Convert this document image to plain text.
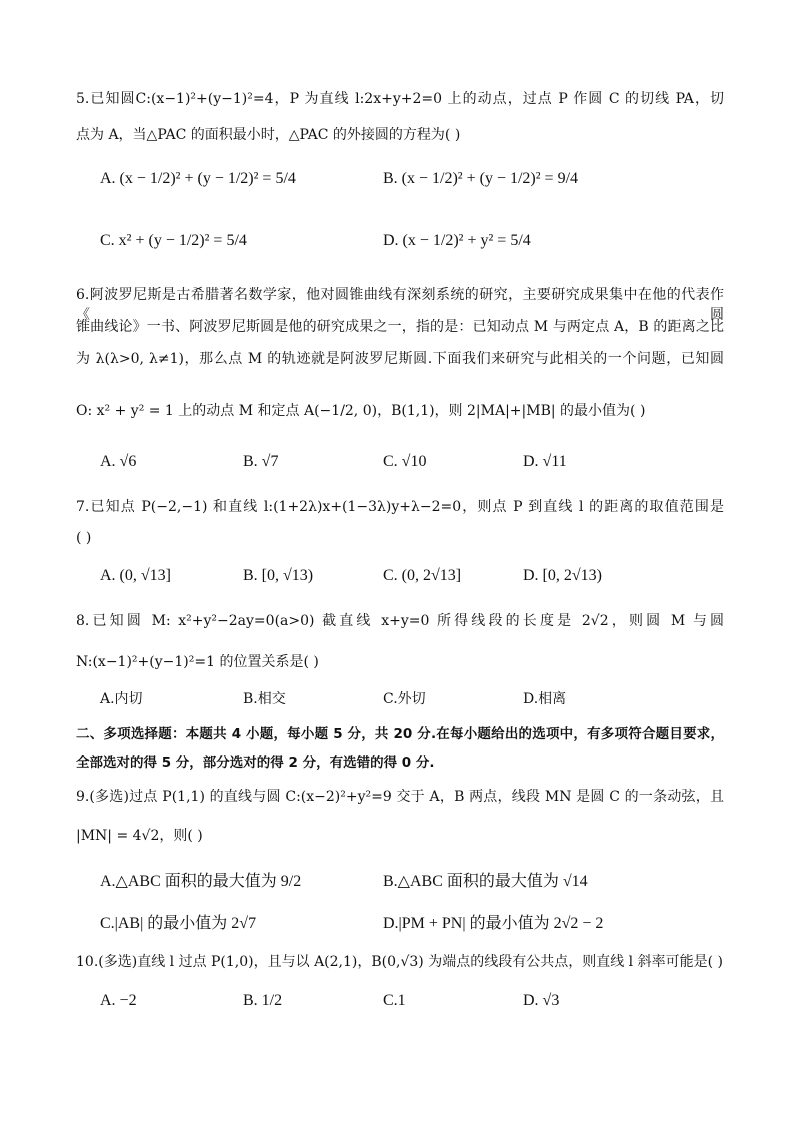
5.已知圆C:(x−1)²+(y−1)²=4，P 为直线 l:2x+y+2=0 上的动点，过点 P 作圆 C 的切线 PA，切
点为 A，当△PAC 的面积最小时，△PAC 的外接圆的方程为( )
A. (x − 1/2)² + (y − 1/2)² = 5/4	B. (x − 1/2)² + (y − 1/2)² = 9/4
C. x² + (y − 1/2)² = 5/4	D. (x − 1/2)² + y² = 5/4
6.阿波罗尼斯是古希腊著名数学家，他对圆锥曲线有深刻系统的研究，主要研究成果集中在他的代表作《圆
锥曲线论》一书、阿波罗尼斯圆是他的研究成果之一，指的是：已知动点 M 与两定点 A，B 的距离之比
为 λ(λ>0, λ≠1)，那么点 M 的轨迹就是阿波罗尼斯圆.下面我们来研究与此相关的一个问题，已知圆
O: x² + y² = 1 上的动点 M 和定点 A(−1/2, 0)，B(1,1)，则 2|MA|+|MB| 的最小值为( )
A. √6	B. √7	C. √10	D. √11
7.已知点 P(−2,−1) 和直线 l:(1+2λ)x+(1−3λ)y+λ−2=0，则点 P 到直线 l 的距离的取值范围是
( )
A. (0, √13]	B. [0, √13)	C. (0, 2√13]	D. [0, 2√13)
8.已知圆 M: x²+y²−2ay=0(a>0) 截直线 x+y=0 所得线段的长度是 2√2，则圆 M 与圆
N:(x−1)²+(y−1)²=1 的位置关系是( )
A.内切	B.相交	C.外切	D.相离
二、多项选择题：本题共 4 小题，每小题 5 分，共 20 分.在每小题给出的选项中，有多项符合题目要求，
全部选对的得 5 分，部分选对的得 2 分，有选错的得 0 分.
9.(多选)过点 P(1,1) 的直线与圆 C:(x−2)²+y²=9 交于 A，B 两点，线段 MN 是圆 C 的一条动弦，且
|MN| = 4√2，则( )
A.△ABC 面积的最大值为 9/2	B.△ABC 面积的最大值为 √14
C.|AB| 的最小值为 2√7	D.|PM + PN| 的最小值为 2√2 − 2
10.(多选)直线 l 过点 P(1,0)，且与以 A(2,1)，B(0,√3) 为端点的线段有公共点，则直线 l 斜率可能是( )
A. −2	B. 1/2	C.1	D. √3
